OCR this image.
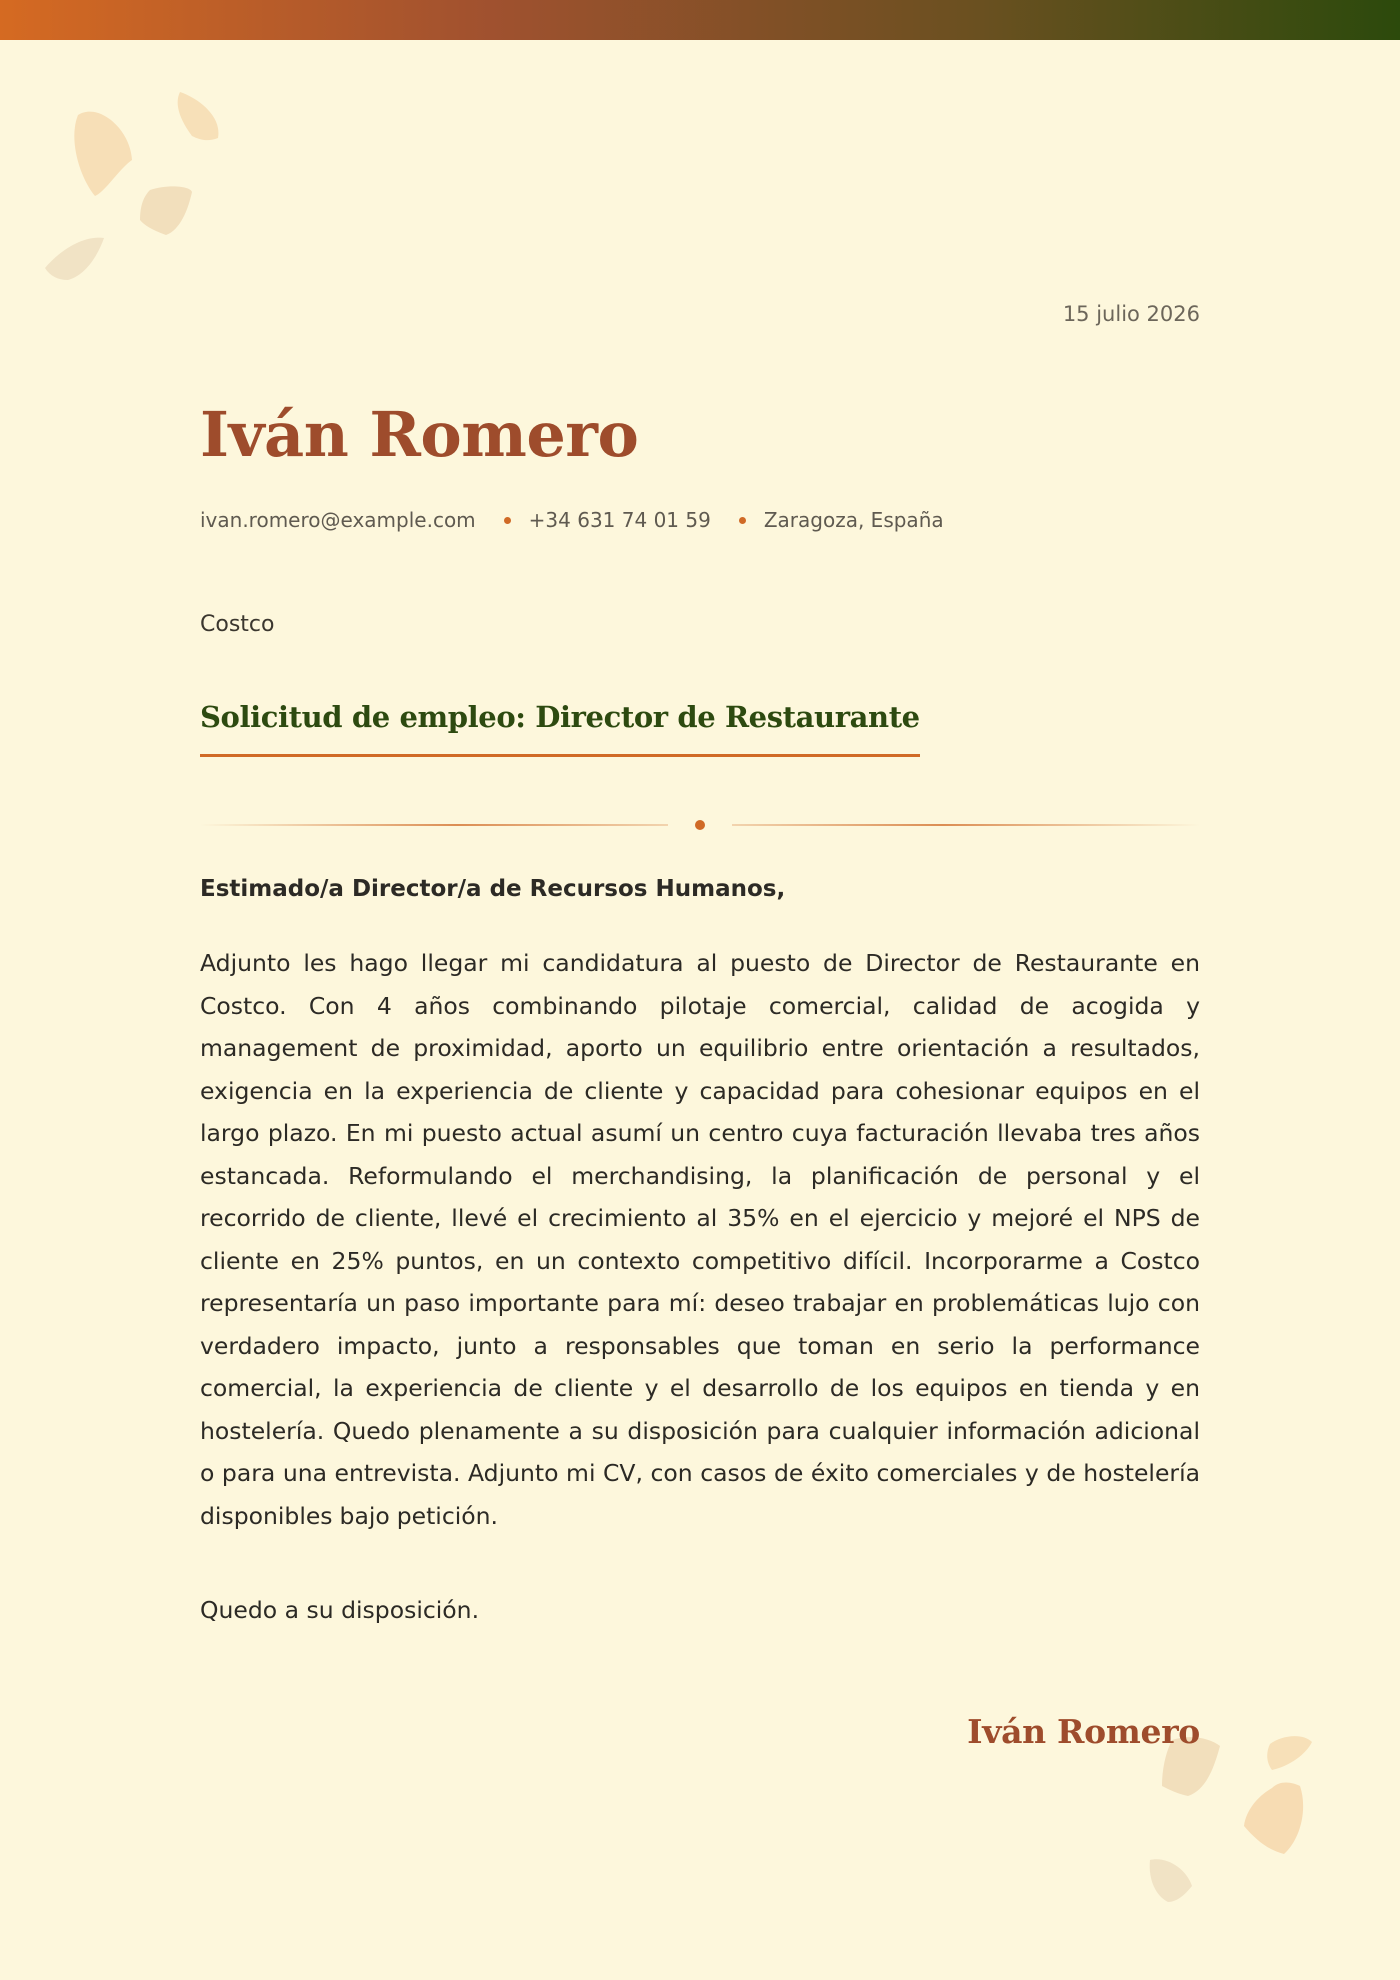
15 julio 2026
Iván Romero
ivan.romero@example.com	+34 631 74 01 59	Zaragoza, España
Costco
Solicitud de empleo: Director de Restaurante
Estimado/a Director/a de Recursos Humanos,

Adjunto les hago llegar mi candidatura al puesto de Director de Restaurante en Costco. Con 4 años combinando pilotaje comercial, calidad de acogida y management de proximidad, aporto un equilibrio entre orientación a resultados, exigencia en la experiencia de cliente y capacidad para cohesionar equipos en el largo plazo. En mi puesto actual asumí un centro cuya facturación llevaba tres años estancada. Reformulando el merchandising, la planificación de personal y el recorrido de cliente, llevé el crecimiento al 35% en el ejercicio y mejoré el NPS de cliente en 25% puntos, en un contexto competitivo difícil. Incorporarme a Costco representaría un paso importante para mí: deseo trabajar en problemáticas lujo con verdadero impacto, junto a responsables que toman en serio la performance comercial, la experiencia de cliente y el desarrollo de los equipos en tienda y en hostelería. Quedo plenamente a su disposición para cualquier información adicional o para una entrevista. Adjunto mi CV, con casos de éxito comerciales y de hostelería disponibles bajo petición.

Quedo a su disposición.
Iván Romero
